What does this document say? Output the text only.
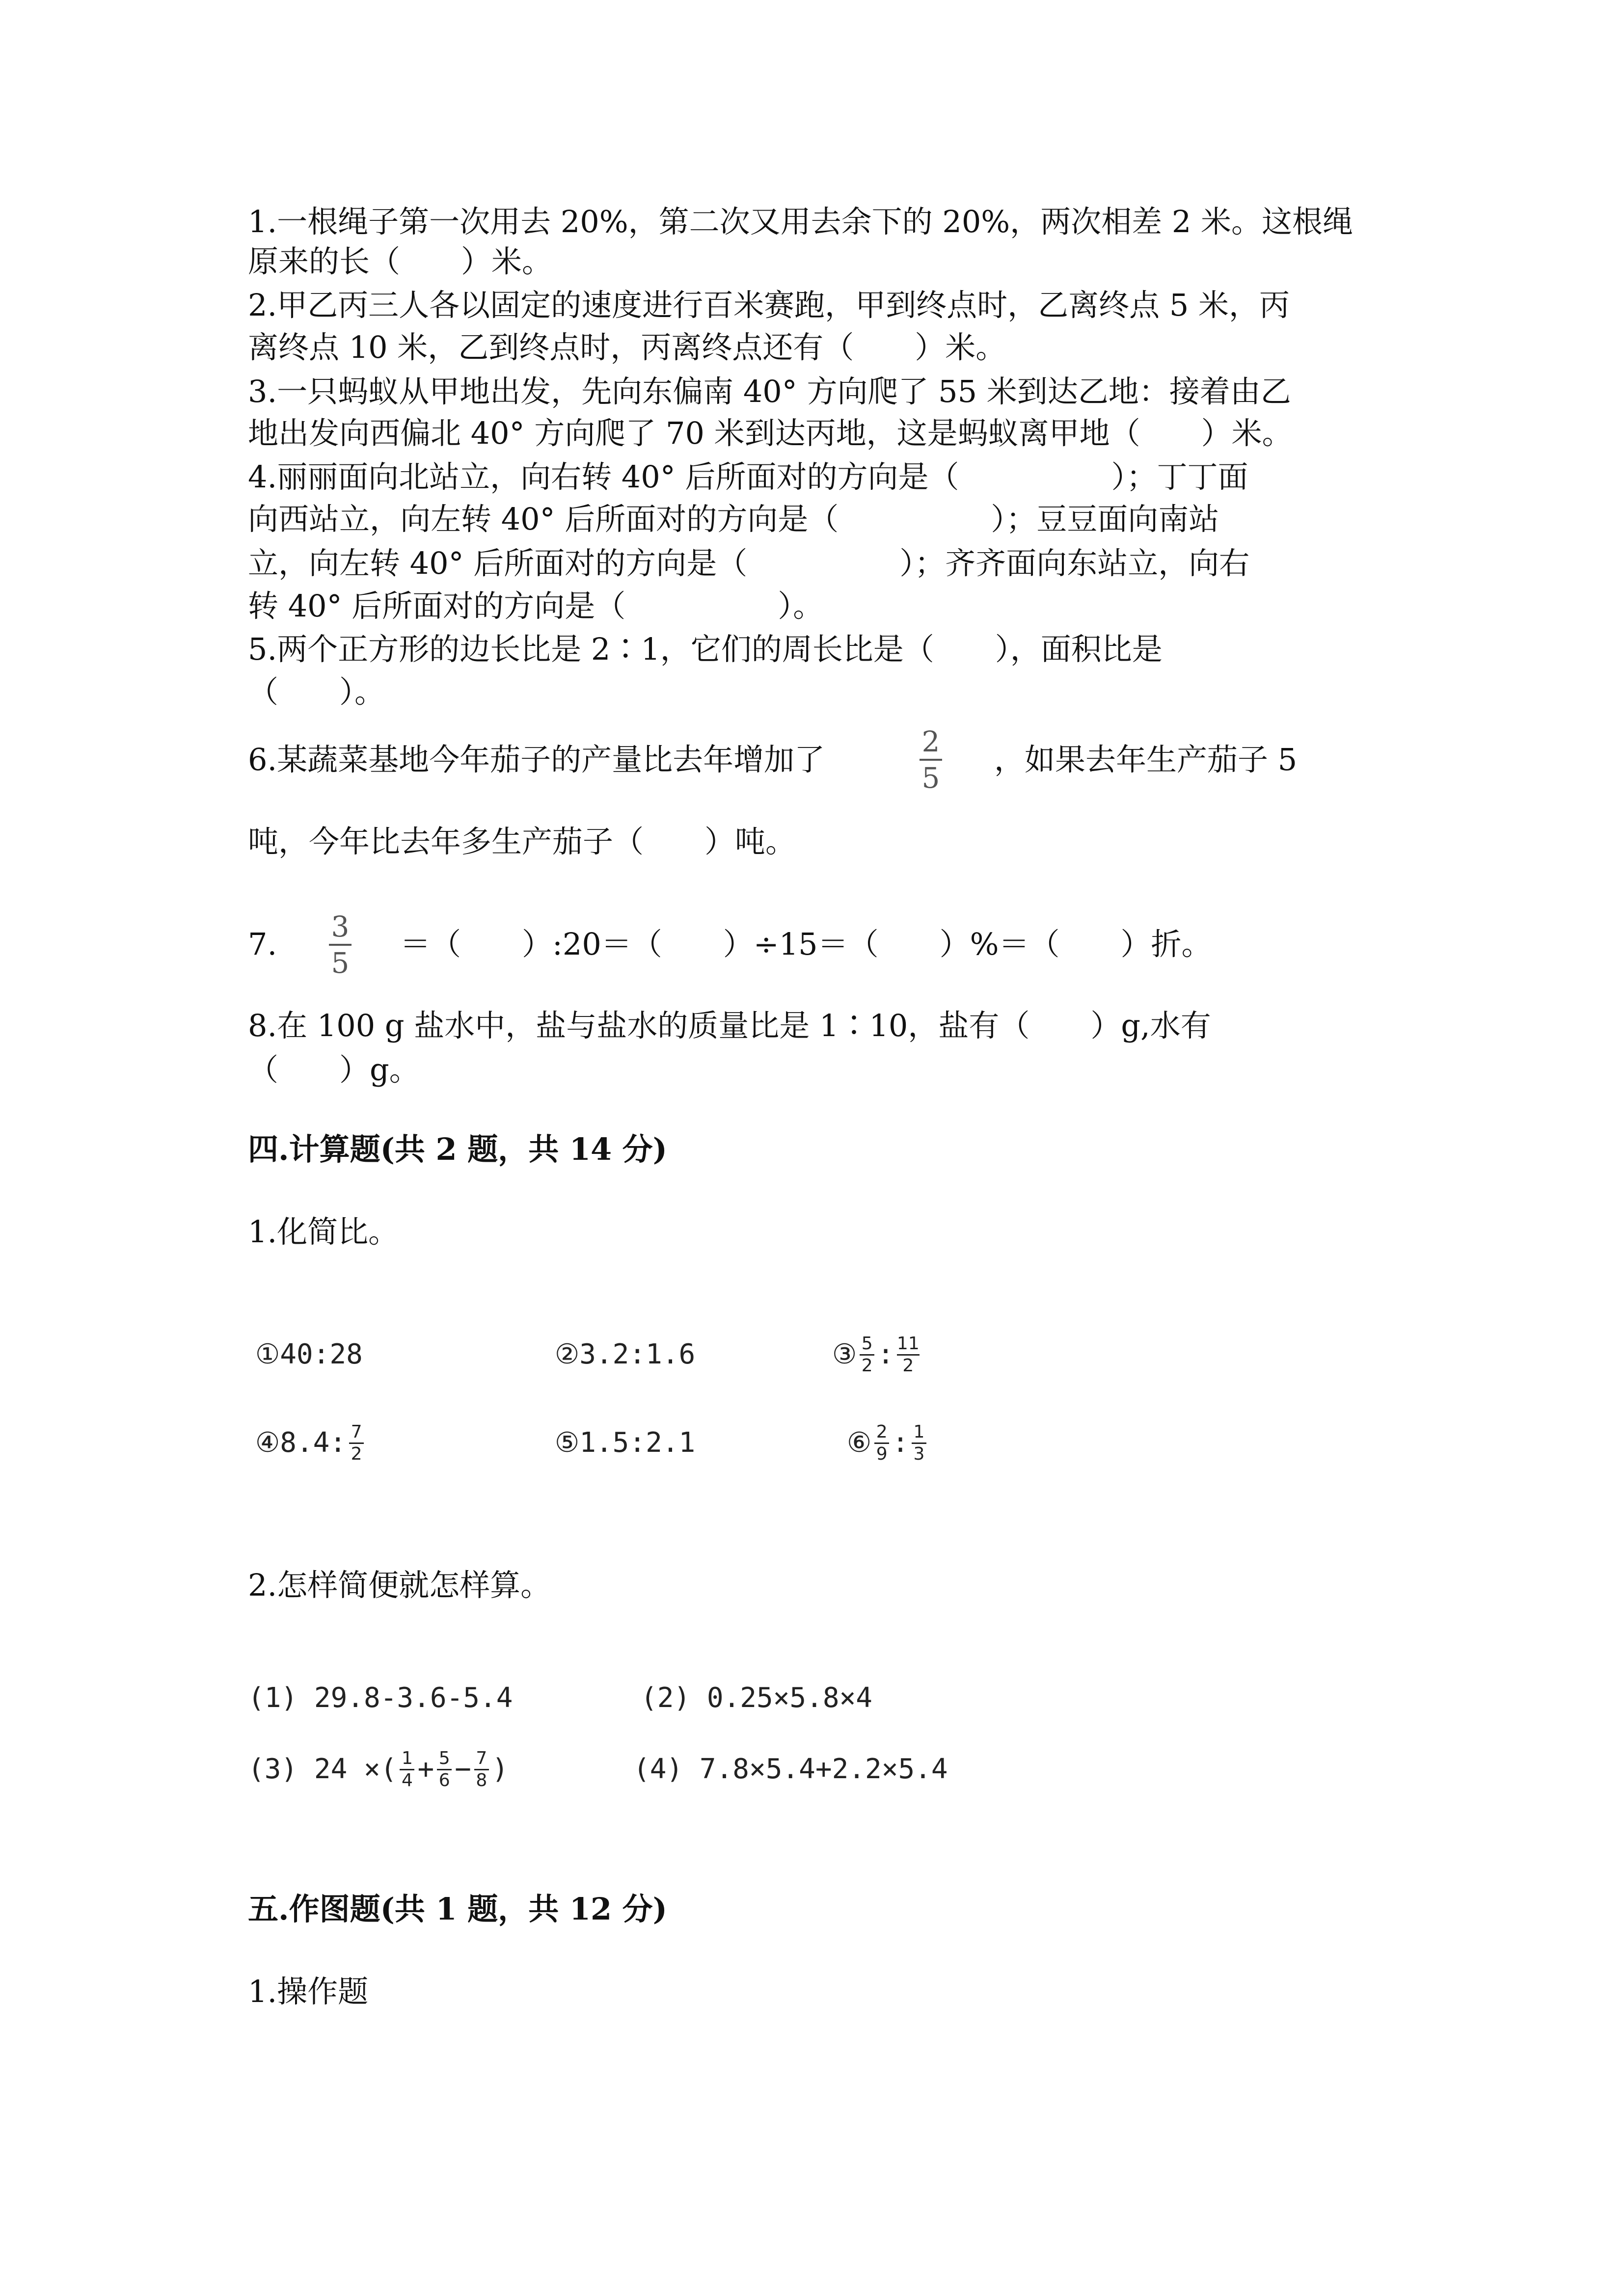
1.一根绳子第一次用去 20%，第二次又用去余下的 20%，两次相差 2 米。这根绳

原来的长（　　）米。

2.甲乙丙三人各以固定的速度进行百米赛跑，甲到终点时，乙离终点 5 米，丙

离终点 10 米，乙到终点时，丙离终点还有（　　）米。

3.一只蚂蚁从甲地出发，先向东偏南 40° 方向爬了 55 米到达乙地：接着由乙

地出发向西偏北 40° 方向爬了 70 米到达丙地，这是蚂蚁离甲地（　　）米。

4.丽丽面向北站立，向右转 40° 后所面对的方向是（　　　　　）；丁丁面

向西站立，向左转 40° 后所面对的方向是（　　　　　）；豆豆面向南站

立，向左转 40° 后所面对的方向是（　　　　　）；齐齐面向东站立，向右

转 40° 后所面对的方向是（　　　　　）。

5.两个正方形的边长比是 2∶1，它们的周长比是（　　），面积比是

（　　）。

6.某蔬菜基地今年茄子的产量比去年增加了	2
5

，如果去年生产茄子 5

吨，今年比去年多生产茄子（　　）吨。

7. 3
5

＝（　　）:20＝（　　）÷15＝（　　）%＝（　　）折。

8.在 100 g 盐水中，盐与盐水的质量比是 1∶10，盐有（　　）g,水有

（　　）g。

四.计算题(共 2 题，共 14 分)

1.化简比。

①40:28	②3.2:1.6	③ $\frac{5}{2}$ : $\frac{11}{2}$
④8.4: $\frac{7}{2}$	⑤1.5:2.1	⑥ $\frac{2}{9}$ : $\frac{1}{3}$

2.怎样简便就怎样算。

(1) 29.8-3.6-5.4	(2) 0.25×5.8×4
(3) 24 ×( $\frac{1}{4} + \frac{5}{6} - \frac{7}{8}$ )	(4) 7.8×5.4+2.2×5.4

五.作图题(共 1 题，共 12 分)

1.操作题
